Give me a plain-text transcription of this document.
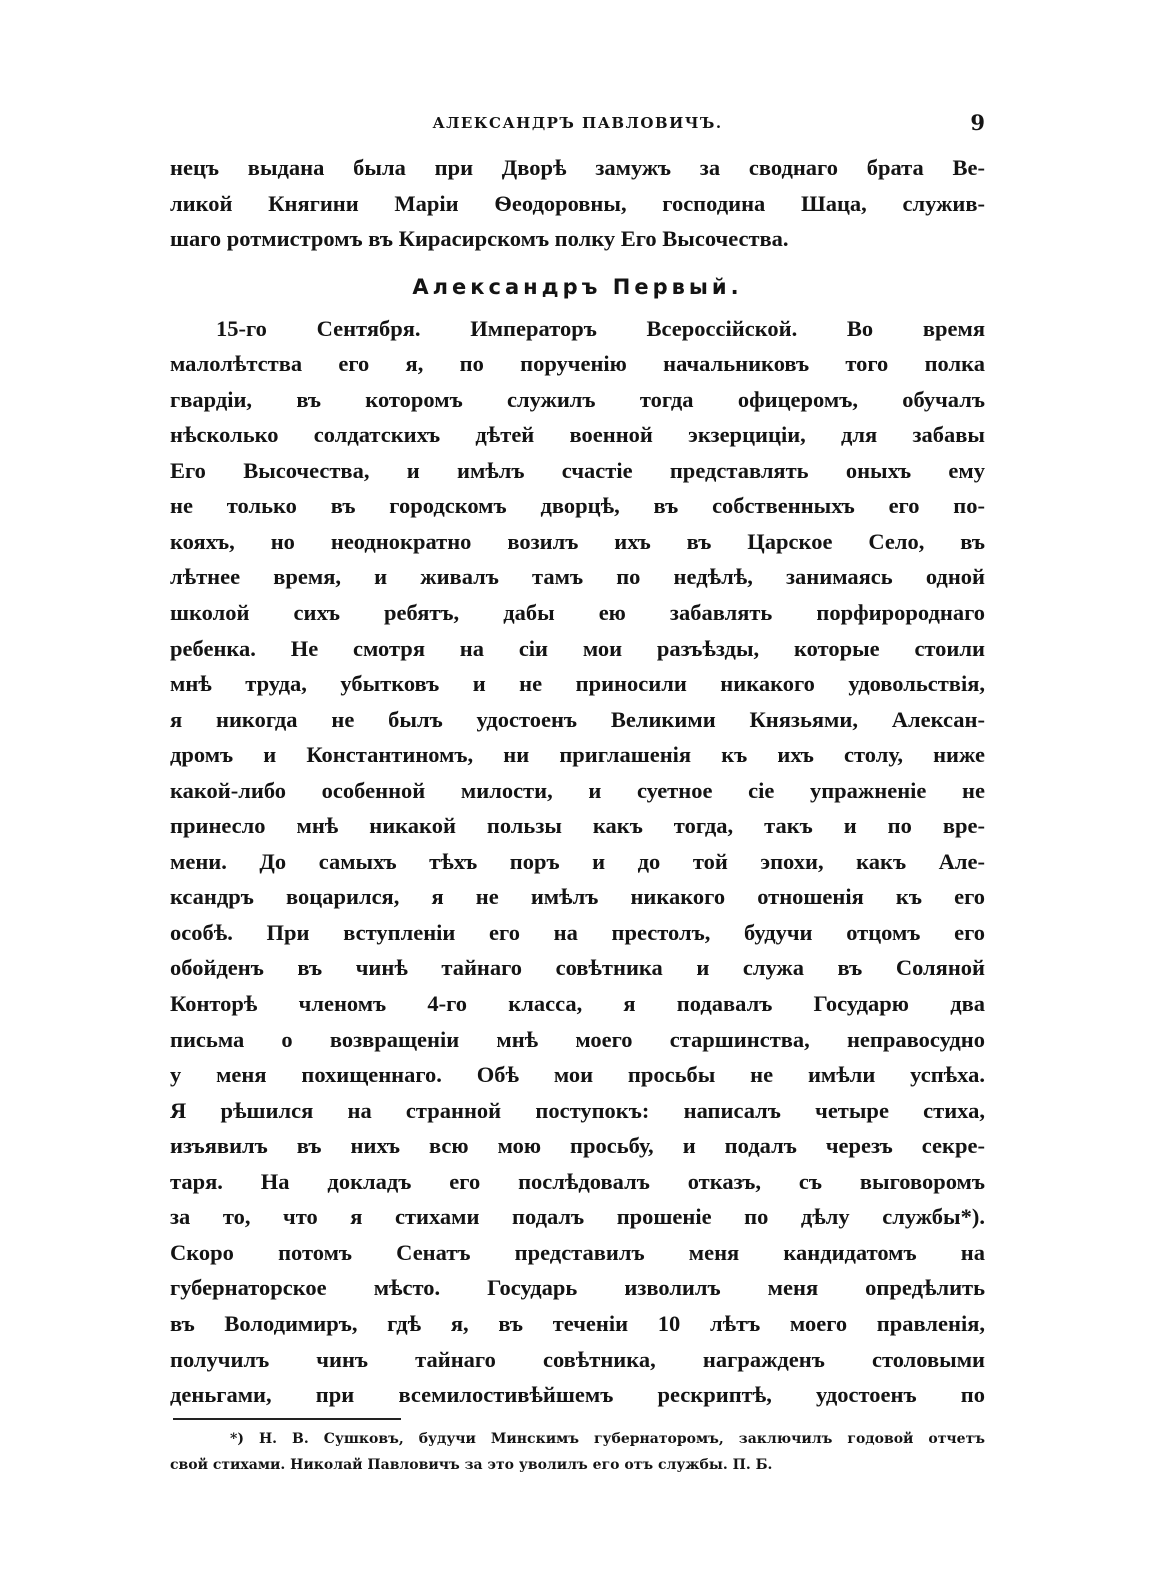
АЛЕКСАНДРЪ ПАВЛОВИЧЪ.	9
нецъ выдана была при Дворѣ замужъ за своднаго брата Ве-
ликой Княгини Маріи Ѳеодоровны, господина Шаца, служив-
шаго ротмистромъ въ Кирасирскомъ полку Его Высочества.
Александръ Первый.
15-го Сентября. Императоръ Всероссійской. Во время
малолѣтства его я, по порученію начальниковъ того полка
гвардіи, въ которомъ служилъ тогда офицеромъ, обучалъ
нѣсколько солдатскихъ дѣтей военной экзерциціи, для забавы
Его Высочества, и имѣлъ счастіе представлять оныхъ ему
не только въ городскомъ дворцѣ, въ собственныхъ его по-
кояхъ, но неоднократно возилъ ихъ въ Царское Село, въ
лѣтнее время, и живалъ тамъ по недѣлѣ, занимаясь одной
школой сихъ ребятъ, дабы ею забавлять порфиророднаго
ребенка. Не смотря на сіи мои разъѣзды, которые стоили
мнѣ труда, убытковъ и не приносили никакого удовольствія,
я никогда не былъ удостоенъ Великими Князьями, Алексан-
дромъ и Константиномъ, ни приглашенія къ ихъ столу, ниже
какой-либо особенной милости, и суетное сіе упражненіе не
принесло мнѣ никакой пользы какъ тогда, такъ и по вре-
мени. До самыхъ тѣхъ поръ и до той эпохи, какъ Але-
ксандръ воцарился, я не имѣлъ никакого отношенія къ его
особѣ. При вступленіи его на престолъ, будучи отцомъ его
обойденъ въ чинѣ тайнаго совѣтника и служа въ Соляной
Конторѣ членомъ 4-го класса, я подавалъ Государю два
письма о возвращеніи мнѣ моего старшинства, неправосудно
у меня похищеннаго. Обѣ мои просьбы не имѣли успѣха.
Я рѣшился на странной поступокъ: написалъ четыре стиха,
изъявилъ въ нихъ всю мою просьбу, и подалъ черезъ секре-
таря. На докладъ его послѣдовалъ отказъ, съ выговоромъ
за то, что я стихами подалъ прошеніе по дѣлу службы*).
Скоро потомъ Сенатъ представилъ меня кандидатомъ на
губернаторское мѣсто. Государь изволилъ меня опредѣлить
въ Володимиръ, гдѣ я, въ теченіи 10 лѣтъ моего правленія,
получилъ чинъ тайнаго совѣтника, награжденъ столовыми
деньгами, при всемилостивѣйшемъ рескриптѣ, удостоенъ по
*) Н. В. Сушковъ, будучи Минскимъ губернаторомъ, заключилъ годовой отчетъ
свой стихами. Николай Павловичъ за это уволилъ его отъ службы. П. Б.
